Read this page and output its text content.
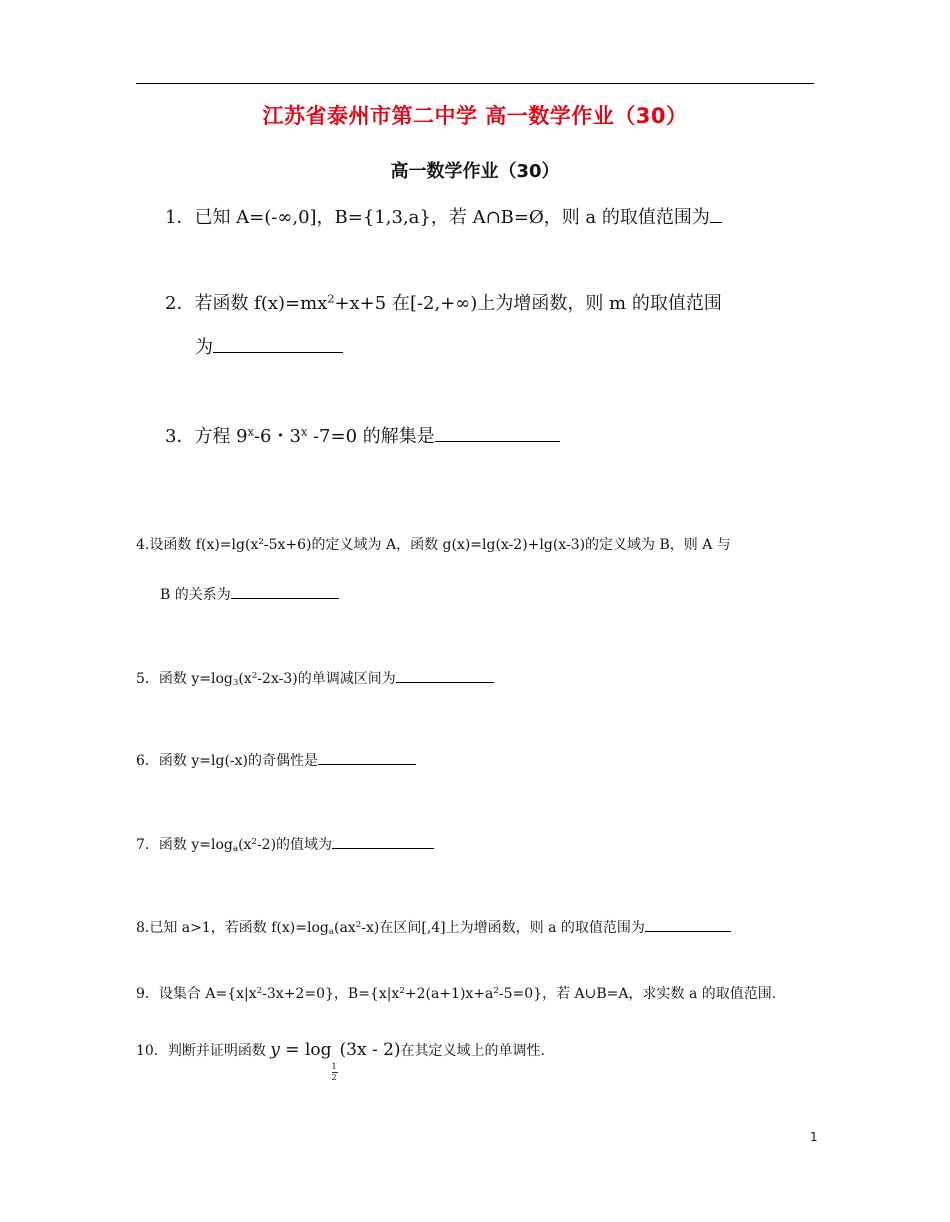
江苏省泰州市第二中学 高一数学作业（30）
高一数学作业（30）
1．已知 A=(-∞,0]，B={1,3,a}，若 A∩B=Ø，则 a 的取值范围为
2．若函数 $f(x)=mx^2+x+5$ 在[-2,+∞)上为增函数，则 m 的取值范围
为
3．方程 9$^x$-6・3$^x$ -7=0 的解集是
4.设函数 $f(x)=\lg(x^2-5x+6)$的定义域为 A，函数 g(x)=lg(x-2)+lg(x-3)的定义域为 B，则 A 与
B 的关系为
5．函数 $y=\log_3(x^2-2x-3)$的单调减区间为
6．函数 y=lg(-x)的奇偶性是
7．函数 $y=\log_a(x^2-2)$的值域为
8.已知 a>1，若函数 $f(x)=\log_a(ax^2-x)$在区间[,4]上为增函数，则 a 的取值范围为
9．设集合 $A=\{x|x^2-3x+2=0\}$，$B=\{x|x^2+2(a+1)x+a^2-5=0\}$，若 A∪B=A，求实数 a 的取值范围.
10．判断并证明函数 y = log
$\frac{1}{2}$
(3x - 2)在其定义域上的单调性.
1
